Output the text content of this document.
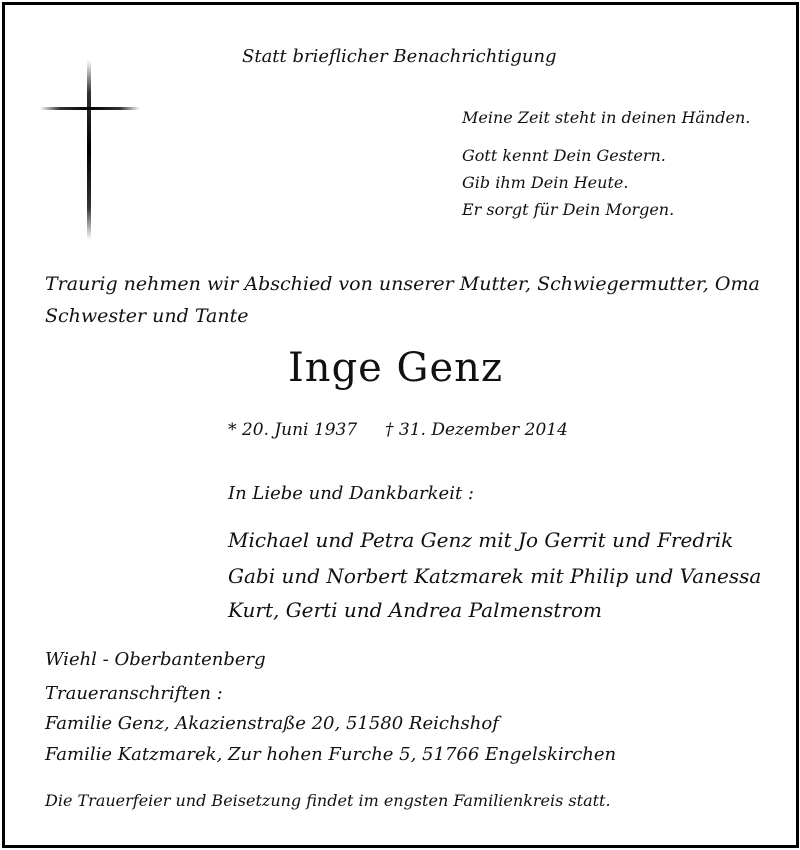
Statt brieflicher Benachrichtigung
Meine Zeit steht in deinen Händen.
Gott kennt Dein Gestern.
Gib ihm Dein Heute.
Er sorgt für Dein Morgen.
Traurig nehmen wir Abschied von unserer Mutter, Schwiegermutter, Oma
Schwester und Tante
Inge Genz
* 20. Juni 1937 † 31. Dezember 2014
In Liebe und Dankbarkeit :
Michael und Petra Genz mit Jo Gerrit und Fredrik
Gabi und Norbert Katzmarek mit Philip und Vanessa
Kurt, Gerti und Andrea Palmenstrom
Wiehl - Oberbantenberg
Traueranschriften :
Familie Genz, Akazienstraße 20, 51580 Reichshof
Familie Katzmarek, Zur hohen Furche 5, 51766 Engelskirchen
Die Trauerfeier und Beisetzung findet im engsten Familienkreis statt.
